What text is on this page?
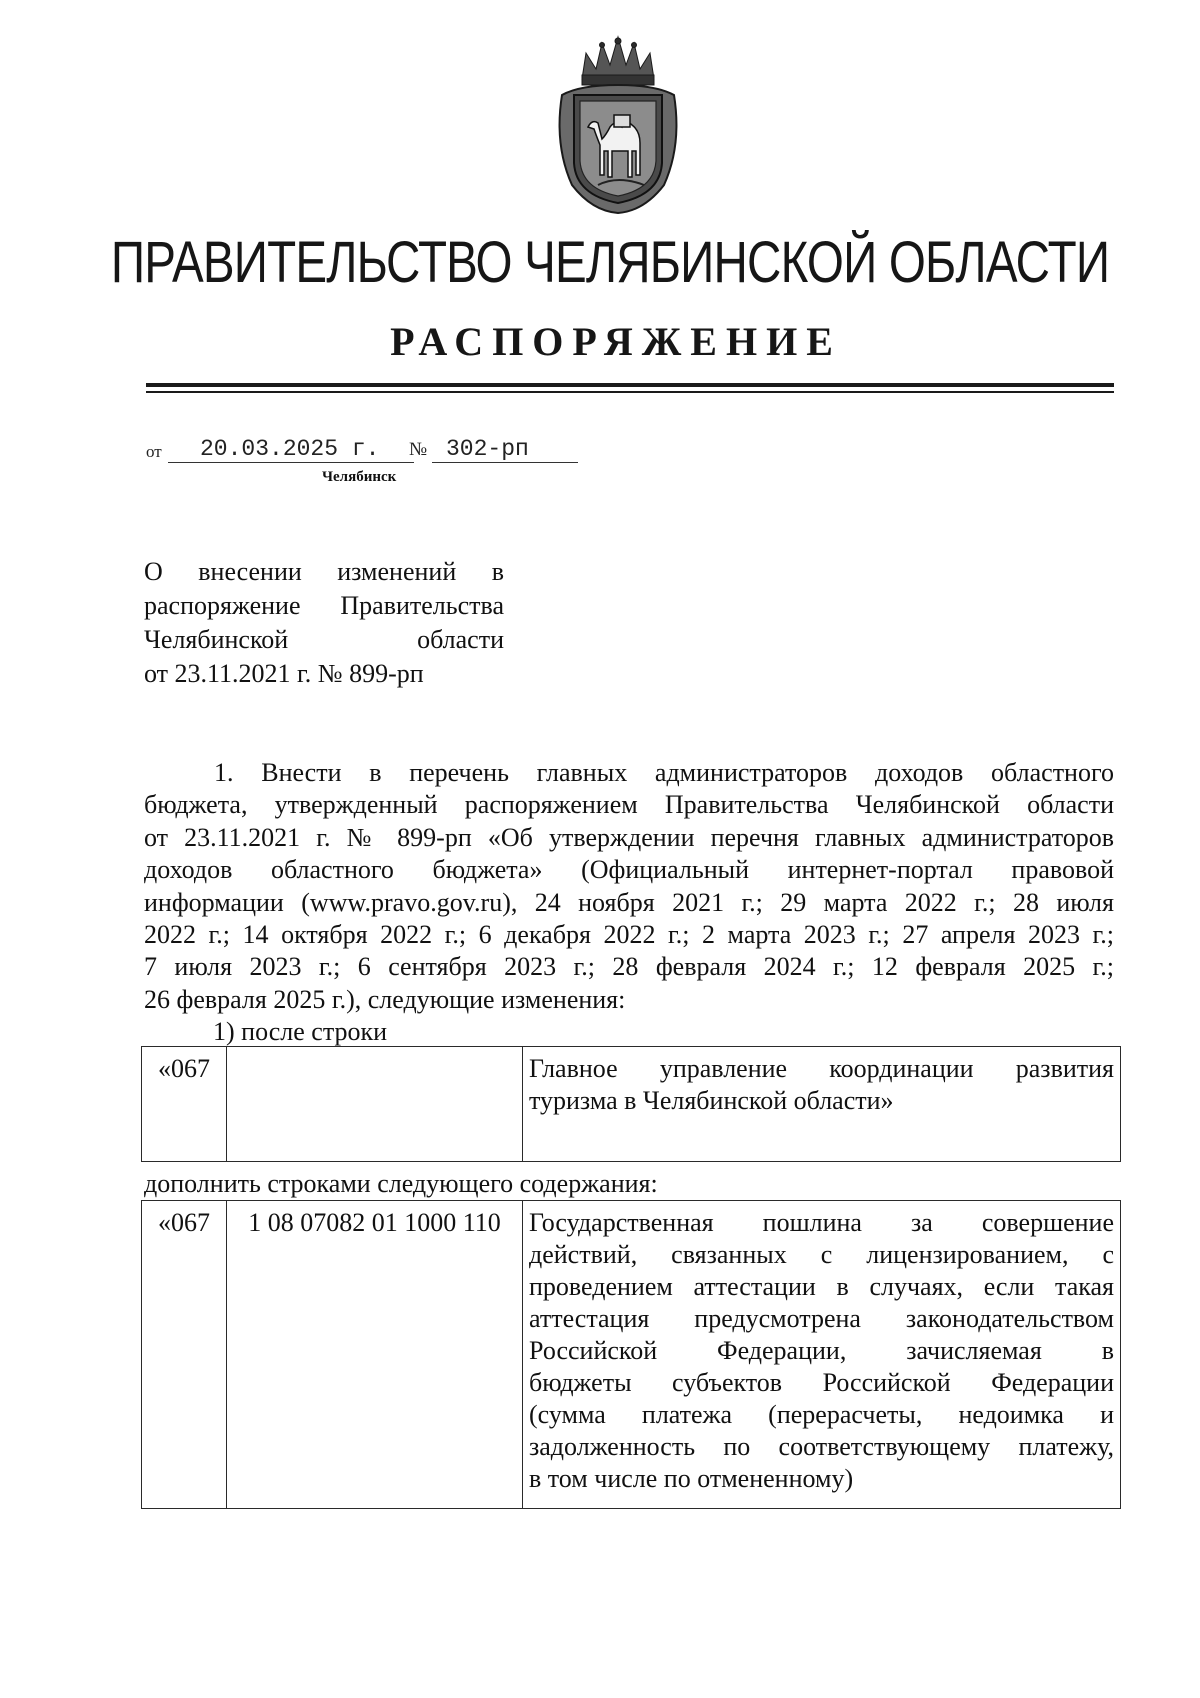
ПРАВИТЕЛЬСТВО ЧЕЛЯБИНСКОЙ ОБЛАСТИ
РАСПОРЯЖЕНИЕ
от 20.03.2025 г. № 302-рп
Челябинск
О внесении изменений в
распоряжение Правительства
Челябинской области
от 23.11.2021 г. № 899-рп
1. Внести в перечень главных администраторов доходов областного
бюджета, утвержденный распоряжением Правительства Челябинской области
от 23.11.2021 г. № 899-рп «Об утверждении перечня главных администраторов
доходов областного бюджета» (Официальный интернет-портал правовой
информации (www.pravo.gov.ru), 24 ноября 2021 г.; 29 марта 2022 г.; 28 июля
2022 г.; 14 октября 2022 г.; 6 декабря 2022 г.; 2 марта 2023 г.; 27 апреля 2023 г.;
7 июля 2023 г.; 6 сентября 2023 г.; 28 февраля 2024 г.; 12 февраля 2025 г.;
26 февраля 2025 г.), следующие изменения:
1) после строки
«067		Главное управление координации развития
туризма в Челябинской области»
дополнить строками следующего содержания:
«067	1 08 07082 01 1000 110	Государственная пошлина за совершение
действий, связанных с лицензированием, с
проведением аттестации в случаях, если такая
аттестация предусмотрена законодательством
Российской Федерации, зачисляемая в
бюджеты субъектов Российской Федерации
(сумма платежа (перерасчеты, недоимка и
задолженность по соответствующему платежу,
в том числе по отмененному)
